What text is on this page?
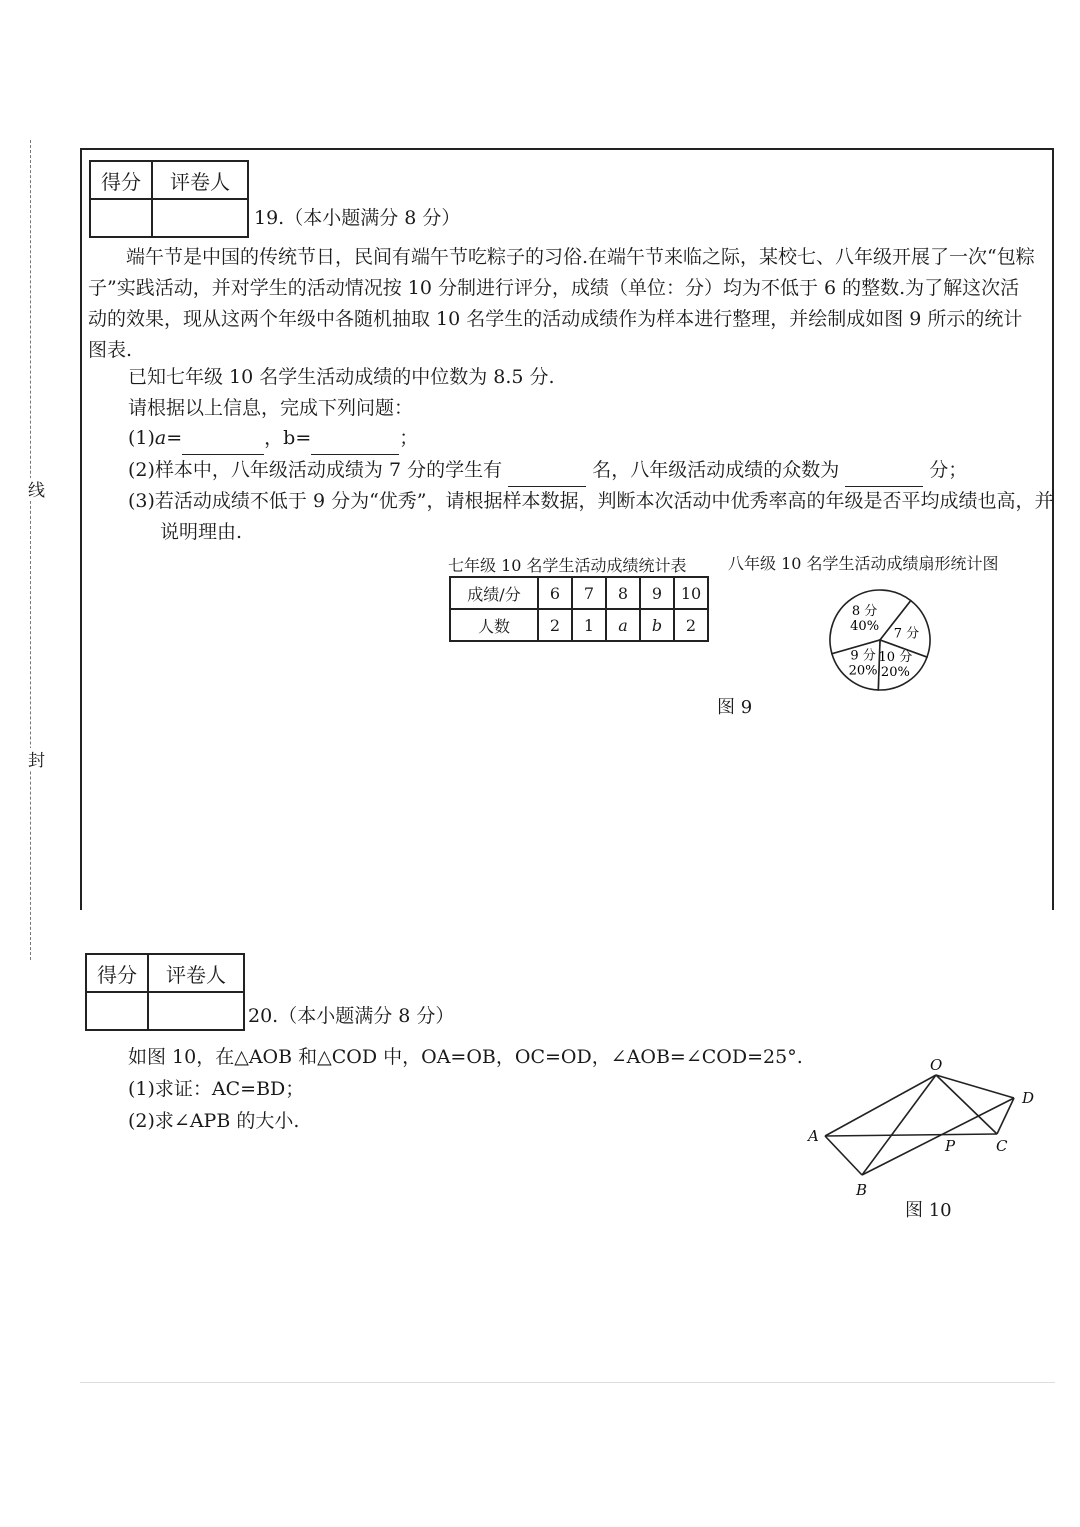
线
封
得分	评卷人

19.（本小题满分 8 分）
端午节是中国的传统节日，民间有端午节吃粽子的习俗.在端午节来临之际，某校七、八年级开展了一次“包粽子”实践活动，并对学生的活动情况按 10 分制进行评分，成绩（单位：分）均为不低于 6 的整数.为了解这次活动的效果，现从这两个年级中各随机抽取 10 名学生的活动成绩作为样本进行整理，并绘制成如图 9 所示的统计图表.
已知七年级 10 名学生活动成绩的中位数为 8.5 分.
请根据以上信息，完成下列问题：
(1)a=	，b=	；
(2)样本中，八年级活动成绩为 7 分的学生有	名，八年级活动成绩的众数为	分；
(3)若活动成绩不低于 9 分为“优秀”，请根据样本数据，判断本次活动中优秀率高的年级是否平均成绩也高，并说明理由.
七年级 10 名学生活动成绩统计表
成绩/分	6	7	8	9	10
人数	2	1	a	b	2
八年级 10 名学生活动成绩扇形统计图
8 分
40% 7 分
10 分
20%
9 分
20%
图 9
得分	评卷人

20.（本小题满分 8 分）
如图 10，在△AOB 和△COD 中，OA=OB，OC=OD，∠AOB=∠COD=25°.
(1)求证：AC=BD；
(2)求∠APB 的大小.
O
D
A
P	C
B
图 10
